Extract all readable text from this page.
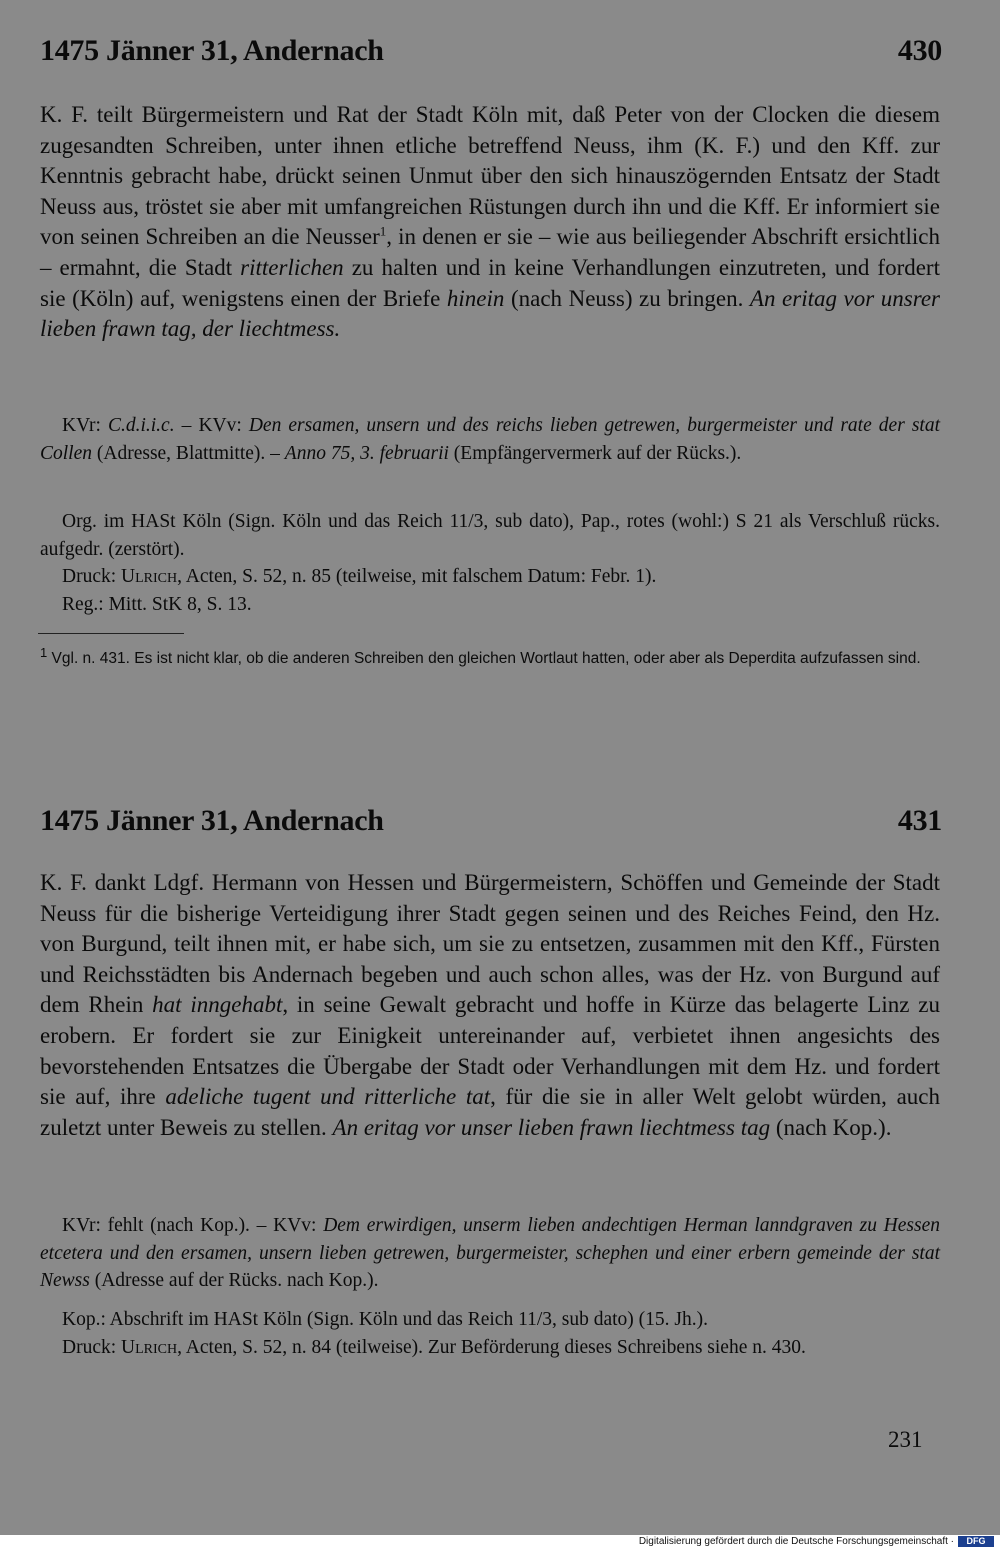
1475 Jänner 31, Andernach	430

K. F. teilt Bürgermeistern und Rat der Stadt Köln mit, daß Peter von der Clocken die diesem zugesandten Schreiben, unter ihnen etliche betreffend Neuss, ihm (K. F.) und den Kff. zur Kenntnis gebracht habe, drückt seinen Unmut über den sich hinauszögernden Entsatz der Stadt Neuss aus, tröstet sie aber mit umfangreichen Rüstungen durch ihn und die Kff. Er informiert sie von seinen Schreiben an die Neusser$^1$, in denen er sie – wie aus beiliegender Abschrift ersichtlich – ermahnt, die Stadt ritterlichen zu halten und in keine Verhandlungen einzutreten, und fordert sie (Köln) auf, wenigstens einen der Briefe hinein (nach Neuss) zu bringen. An eritag vor unsrer lieben frawn tag, der liechtmess.

KVr: C.d.i.i.c. – KVv: Den ersamen, unsern und des reichs lieben getrewen, burgermeister und rate der stat Collen (Adresse, Blattmitte). – Anno 75, 3. februarii (Empfängervermerk auf der Rücks.).

Org. im HASt Köln (Sign. Köln und das Reich 11/3, sub dato), Pap., rotes (wohl:) S 21 als Verschluß rücks. aufgedr. (zerstört).

Druck: Ulrich, Acten, S. 52, n. 85 (teilweise, mit falschem Datum: Febr. 1).

Reg.: Mitt. StK 8, S. 13.

$^1$ Vgl. n. 431. Es ist nicht klar, ob die anderen Schreiben den gleichen Wortlaut hatten, oder aber als Deperdita aufzufassen sind.
1475 Jänner 31, Andernach	431

K. F. dankt Ldgf. Hermann von Hessen und Bürgermeistern, Schöffen und Gemeinde der Stadt Neuss für die bisherige Verteidigung ihrer Stadt gegen seinen und des Reiches Feind, den Hz. von Burgund, teilt ihnen mit, er habe sich, um sie zu entsetzen, zusammen mit den Kff., Fürsten und Reichsstädten bis Andernach begeben und auch schon alles, was der Hz. von Burgund auf dem Rhein hat inngehabt, in seine Gewalt gebracht und hoffe in Kürze das belagerte Linz zu erobern. Er fordert sie zur Einigkeit untereinander auf, verbietet ihnen angesichts des bevorstehenden Entsatzes die Übergabe der Stadt oder Verhandlungen mit dem Hz. und fordert sie auf, ihre adeliche tugent und ritterliche tat, für die sie in aller Welt gelobt würden, auch zuletzt unter Beweis zu stellen. An eritag vor unser lieben frawn liechtmess tag (nach Kop.).

KVr: fehlt (nach Kop.). – KVv: Dem erwirdigen, unserm lieben andechtigen Herman lanndgraven zu Hessen etcetera und den ersamen, unsern lieben getrewen, burgermeister, schephen und einer erbern gemeinde der stat Newss (Adresse auf der Rücks. nach Kop.).

Kop.: Abschrift im HASt Köln (Sign. Köln und das Reich 11/3, sub dato) (15. Jh.).

Druck: Ulrich, Acten, S. 52, n. 84 (teilweise). Zur Beförderung dieses Schreibens siehe n. 430.

231
Digitalisierung gefördert durch die Deutsche Forschungsgemeinschaft ·	DFG
